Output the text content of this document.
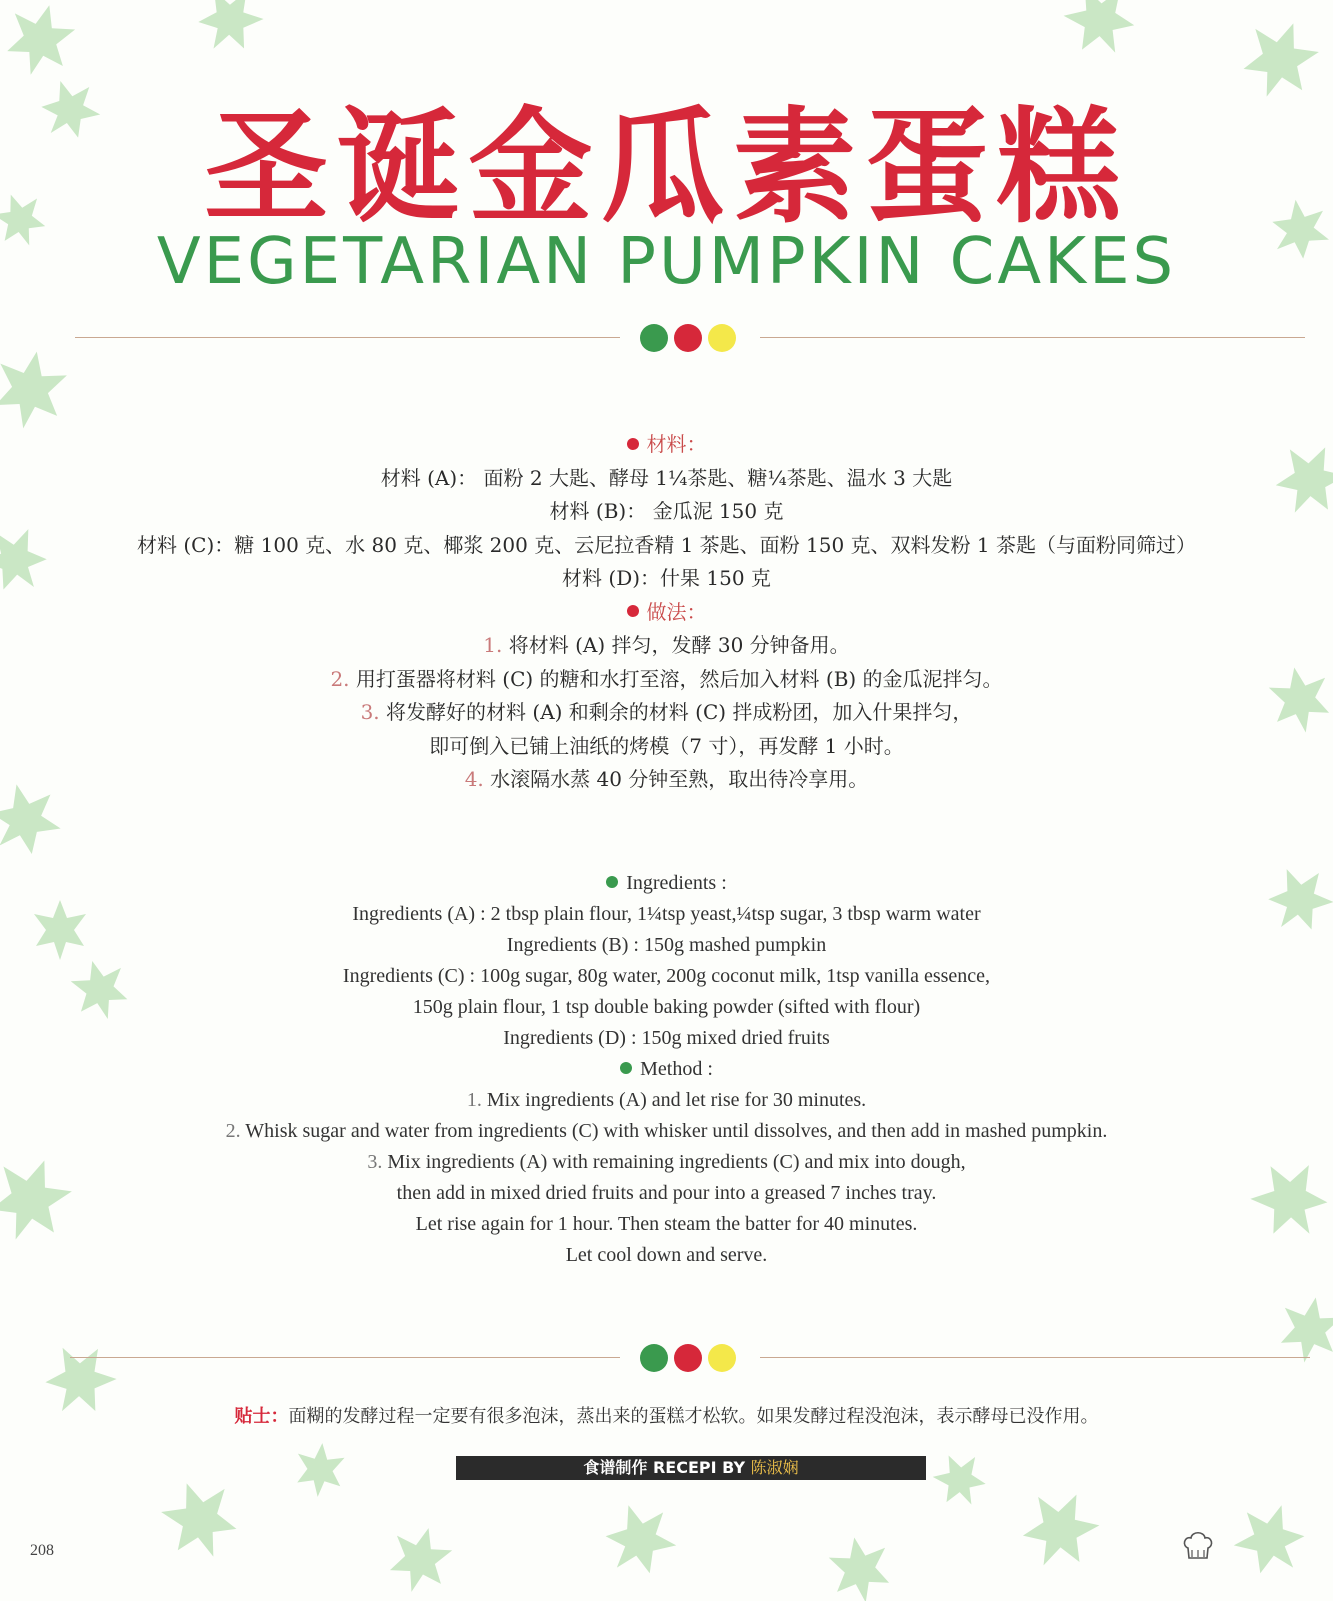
圣诞金瓜素蛋糕
VEGETARIAN PUMPKIN CAKES
材料：
材料 (A)： 面粉 2 大匙、酵母 1¼茶匙、糖¼茶匙、温水 3 大匙
材料 (B)： 金瓜泥 150 克
材料 (C)：糖 100 克、水 80 克、椰浆 200 克、云尼拉香精 1 茶匙、面粉 150 克、双料发粉 1 茶匙（与面粉同筛过）
材料 (D)：什果 150 克
做法：
1. 将材料 (A) 拌匀，发酵 30 分钟备用。
2. 用打蛋器将材料 (C) 的糖和水打至溶，然后加入材料 (B) 的金瓜泥拌匀。
3. 将发酵好的材料 (A) 和剩余的材料 (C) 拌成粉团，加入什果拌匀，
即可倒入已铺上油纸的烤模（7 寸），再发酵 1 小时。
4. 水滚隔水蒸 40 分钟至熟，取出待冷享用。
Ingredients :
Ingredients (A) : 2 tbsp plain flour, 1¼tsp yeast,¼tsp sugar, 3 tbsp warm water
Ingredients (B) : 150g mashed pumpkin
Ingredients (C) : 100g sugar, 80g water, 200g coconut milk, 1tsp vanilla essence,
150g plain flour, 1 tsp double baking powder (sifted with flour)
Ingredients (D) : 150g mixed dried fruits
Method :
1. Mix ingredients (A) and let rise for 30 minutes.
2. Whisk sugar and water from ingredients (C) with whisker until dissolves, and then add in mashed pumpkin.
3. Mix ingredients (A) with remaining ingredients (C) and mix into dough,
then add in mixed dried fruits and pour into a greased 7 inches tray.
Let rise again for 1 hour. Then steam the batter for 40 minutes.
Let cool down and serve.
贴士：面糊的发酵过程一定要有很多泡沫，蒸出来的蛋糕才松软。如果发酵过程没泡沫，表示酵母已没作用。
食谱制作 RECEPI BY 陈淑娴
208
